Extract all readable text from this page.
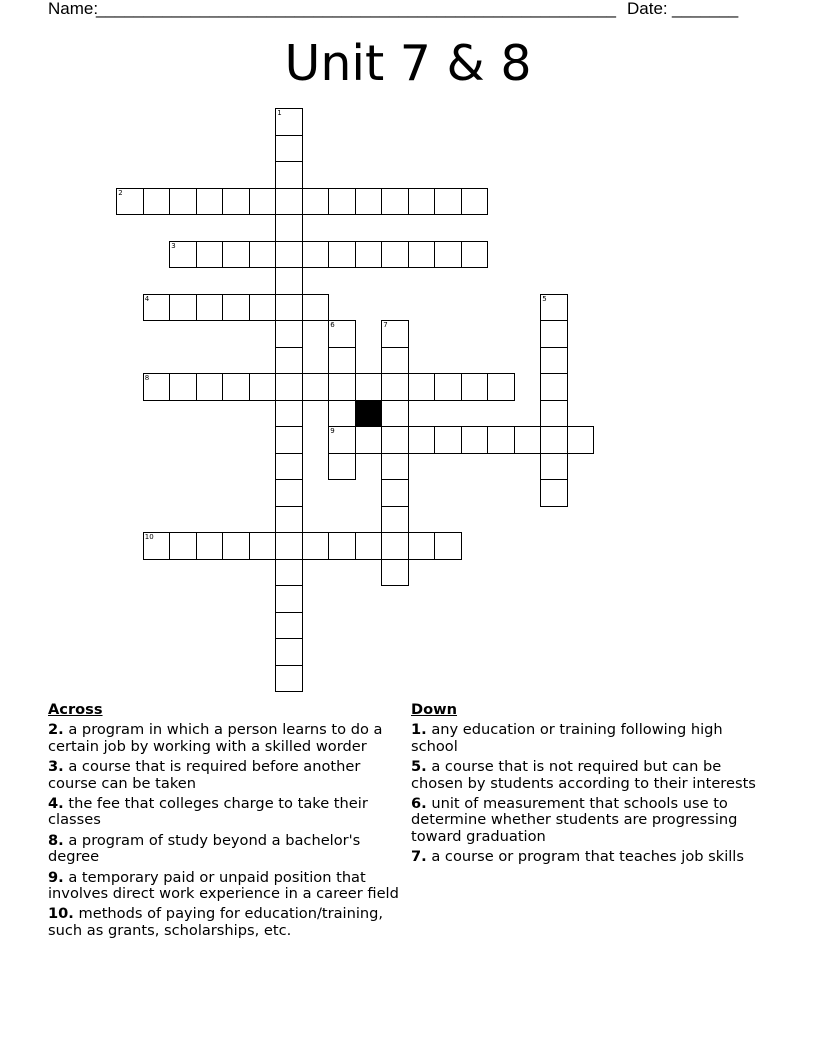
Name:
_______________________________________________________ Date: _______
Unit 7 & 8
1
2
3
4	5
6
9
7
8
10
Across
2. a program in which a person learns to do a certain job by working with a skilled worder
3. a course that is required before another course can be taken
4. the fee that colleges charge to take their classes
8. a program of study beyond a bachelor's degree
9. a temporary paid or unpaid position that involves direct work experience in a career field
10. methods of paying for education/training, such as grants, scholarships, etc.
Down
1. any education or training following high school
5. a course that is not required but can be chosen by students according to their interests
6. unit of measurement that schools use to determine whether students are progressing toward graduation
7. a course or program that teaches job skills
